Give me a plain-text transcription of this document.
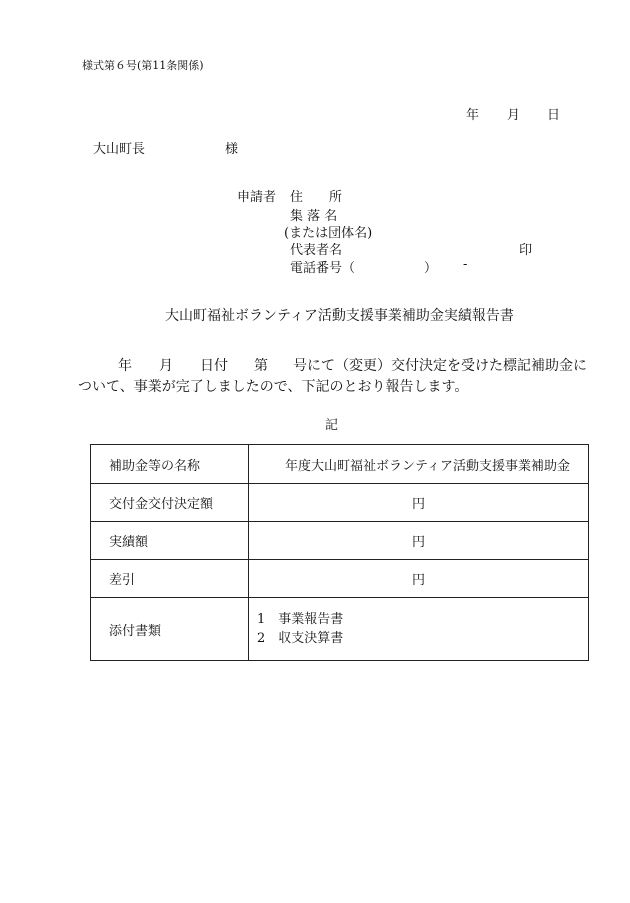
様式第６号(第11条関係)
年 月 日
大山町長	様
申請者 住　　所
集 落 名
(または団体名)
代表者名	印
電話番号（	） -
大山町福祉ボランティア活動支援事業補助金実績報告書
年 月 日付 第 号にて（変更）交付決定を受けた標記補助金に
ついて、事業が完了しましたので、下記のとおり報告します。
記
補助金等の名称	年度大山町福祉ボランティア活動支援事業補助金
交付金交付決定額	円
実績額	円
差引	円
添付書類	1　事業報告書
2　収支決算書
